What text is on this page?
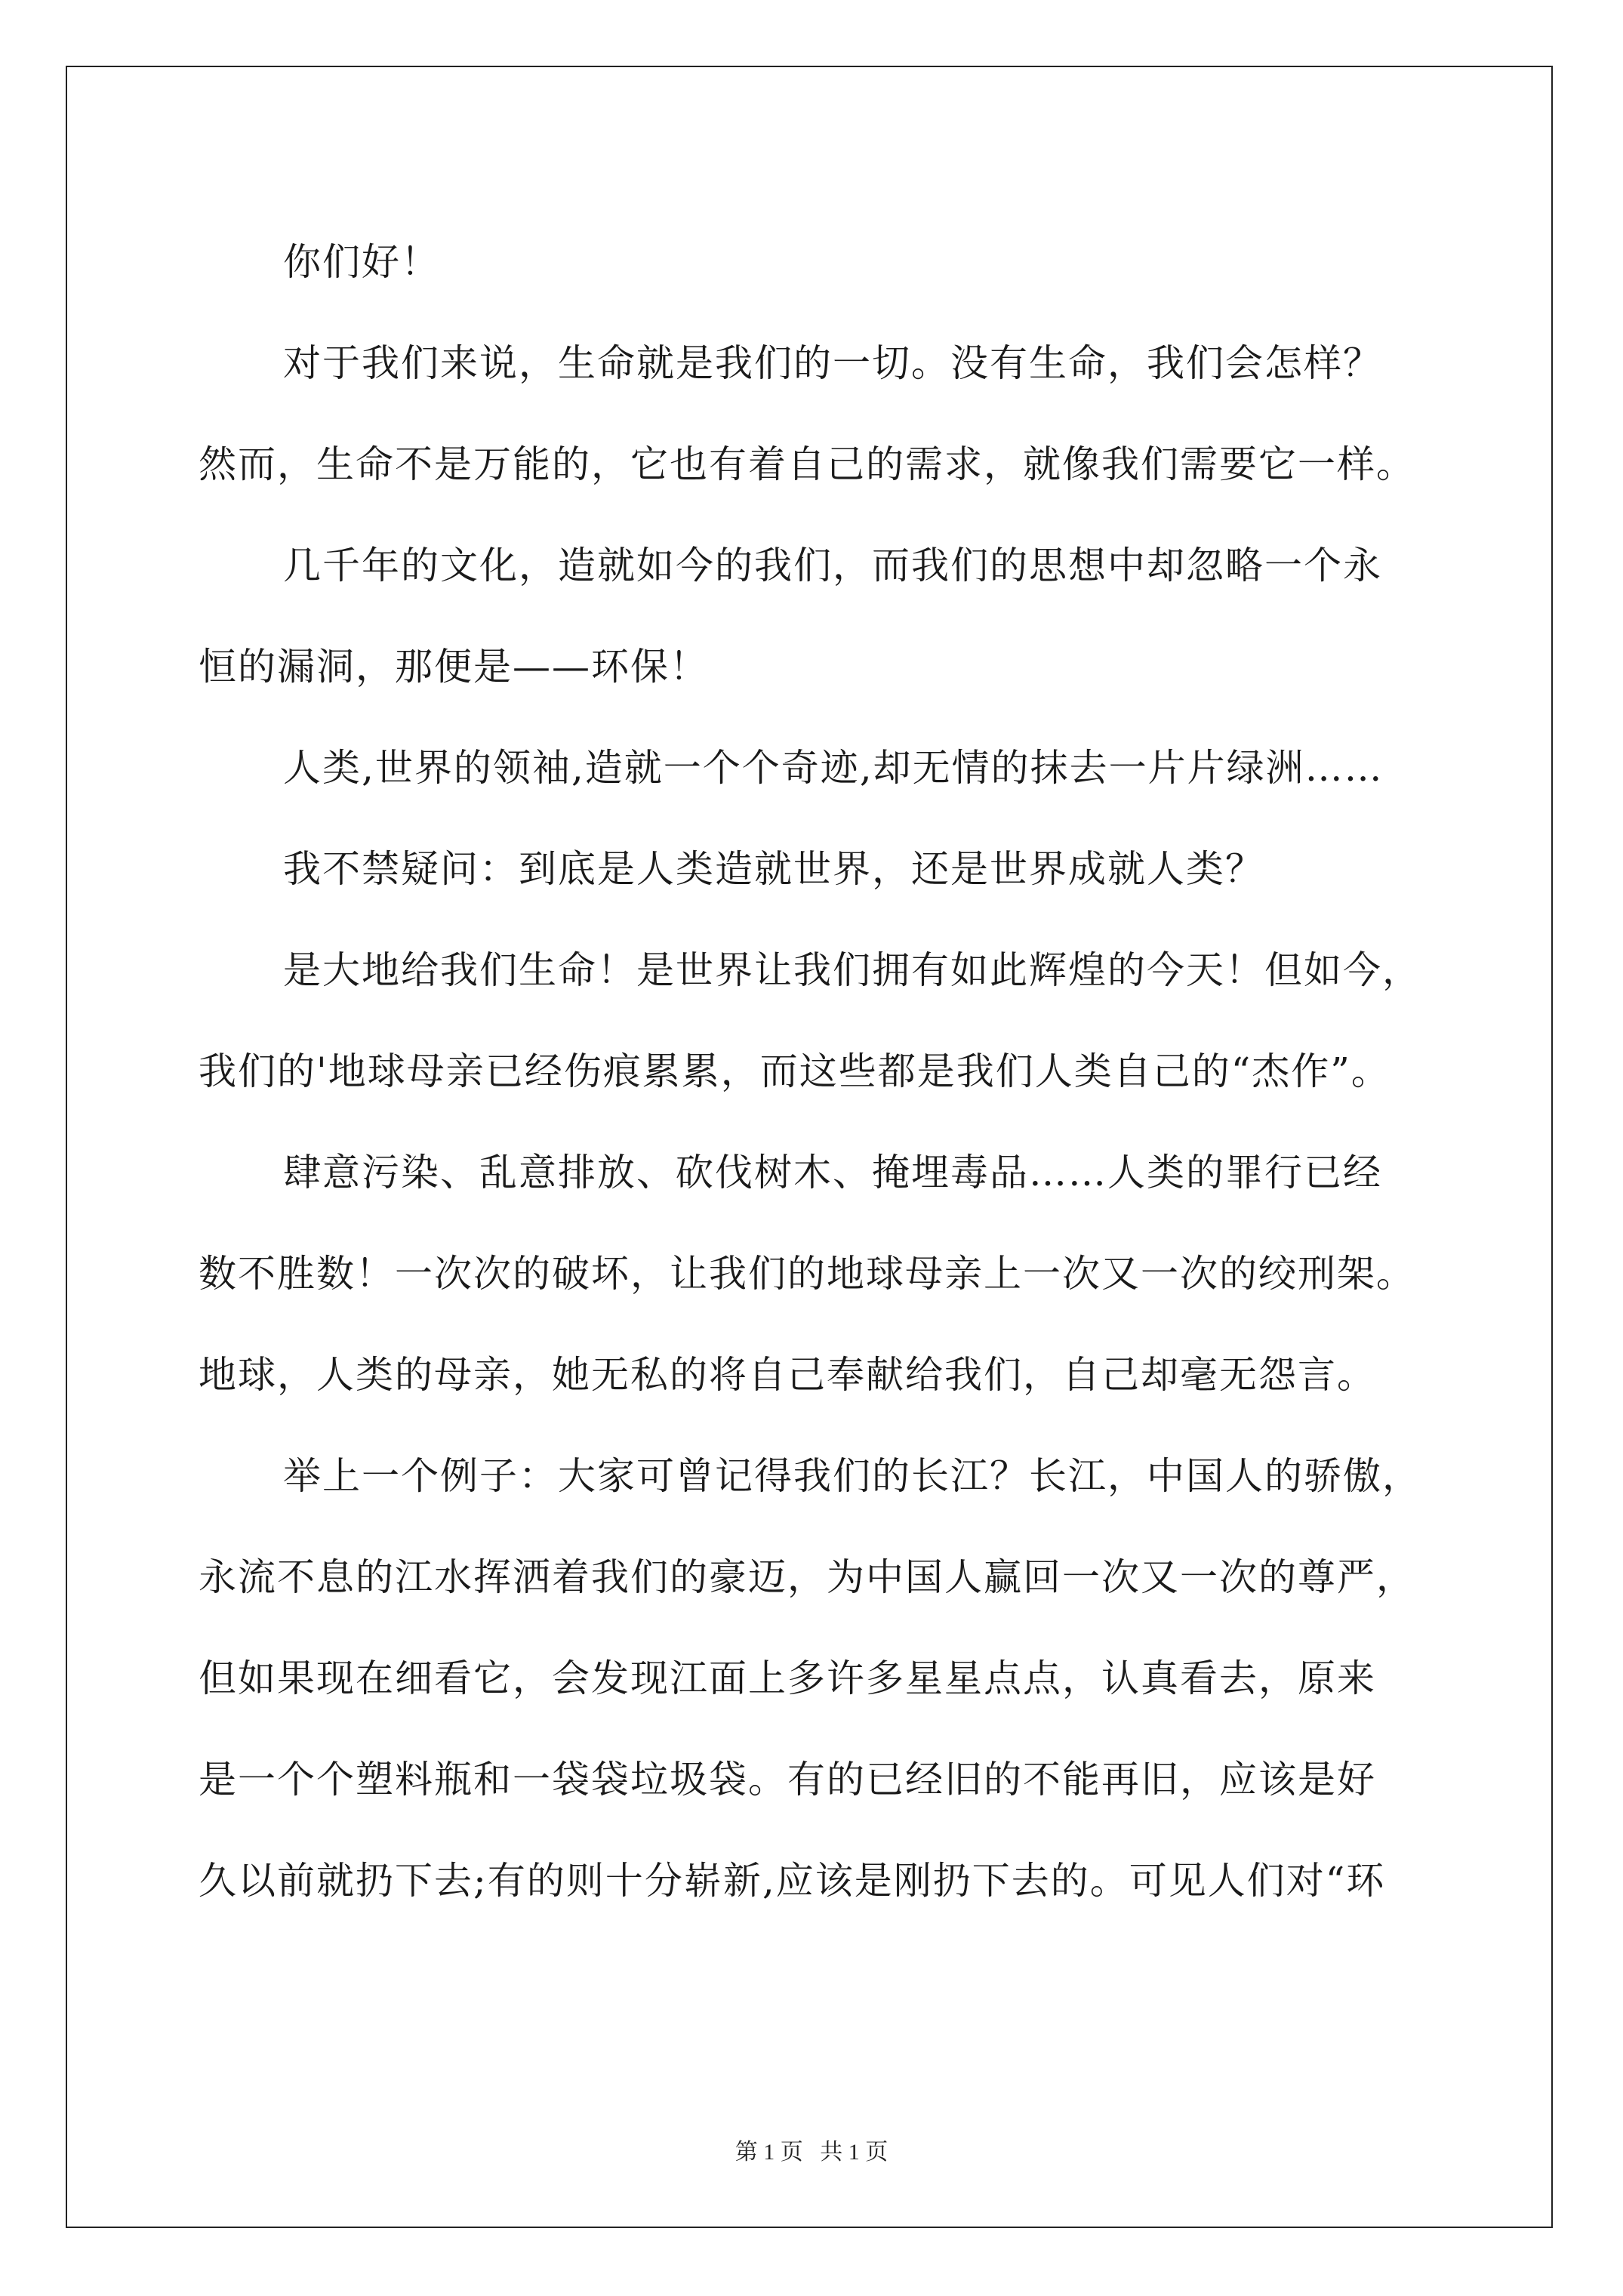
你们好！
对于我们来说，生命就是我们的一切。没有生命，我们会怎样？
然而，生命不是万能的，它也有着自己的需求，就像我们需要它一样。
几千年的文化，造就如今的我们，而我们的思想中却忽略一个永
恒的漏洞，那便是——环保！
人类,世界的领袖,造就一个个奇迹,却无情的抹去一片片绿洲……
我不禁疑问：到底是人类造就世界，还是世界成就人类？
是大地给我们生命！是世界让我们拥有如此辉煌的今天！但如今，
我们的'地球母亲已经伤痕累累，而这些都是我们人类自己的“杰作”。
肆意污染、乱意排放、砍伐树木、掩埋毒品……人类的罪行已经
数不胜数！一次次的破坏，让我们的地球母亲上一次又一次的绞刑架。
地球，人类的母亲，她无私的将自己奉献给我们，自己却毫无怨言。
举上一个例子：大家可曾记得我们的长江？长江，中国人的骄傲，
永流不息的江水挥洒着我们的豪迈，为中国人赢回一次又一次的尊严，
但如果现在细看它，会发现江面上多许多星星点点，认真看去，原来
是一个个塑料瓶和一袋袋垃圾袋。有的已经旧的不能再旧，应该是好
久以前就扔下去;有的则十分崭新,应该是刚扔下去的。可见人们对“环
第 1 页   共 1 页
